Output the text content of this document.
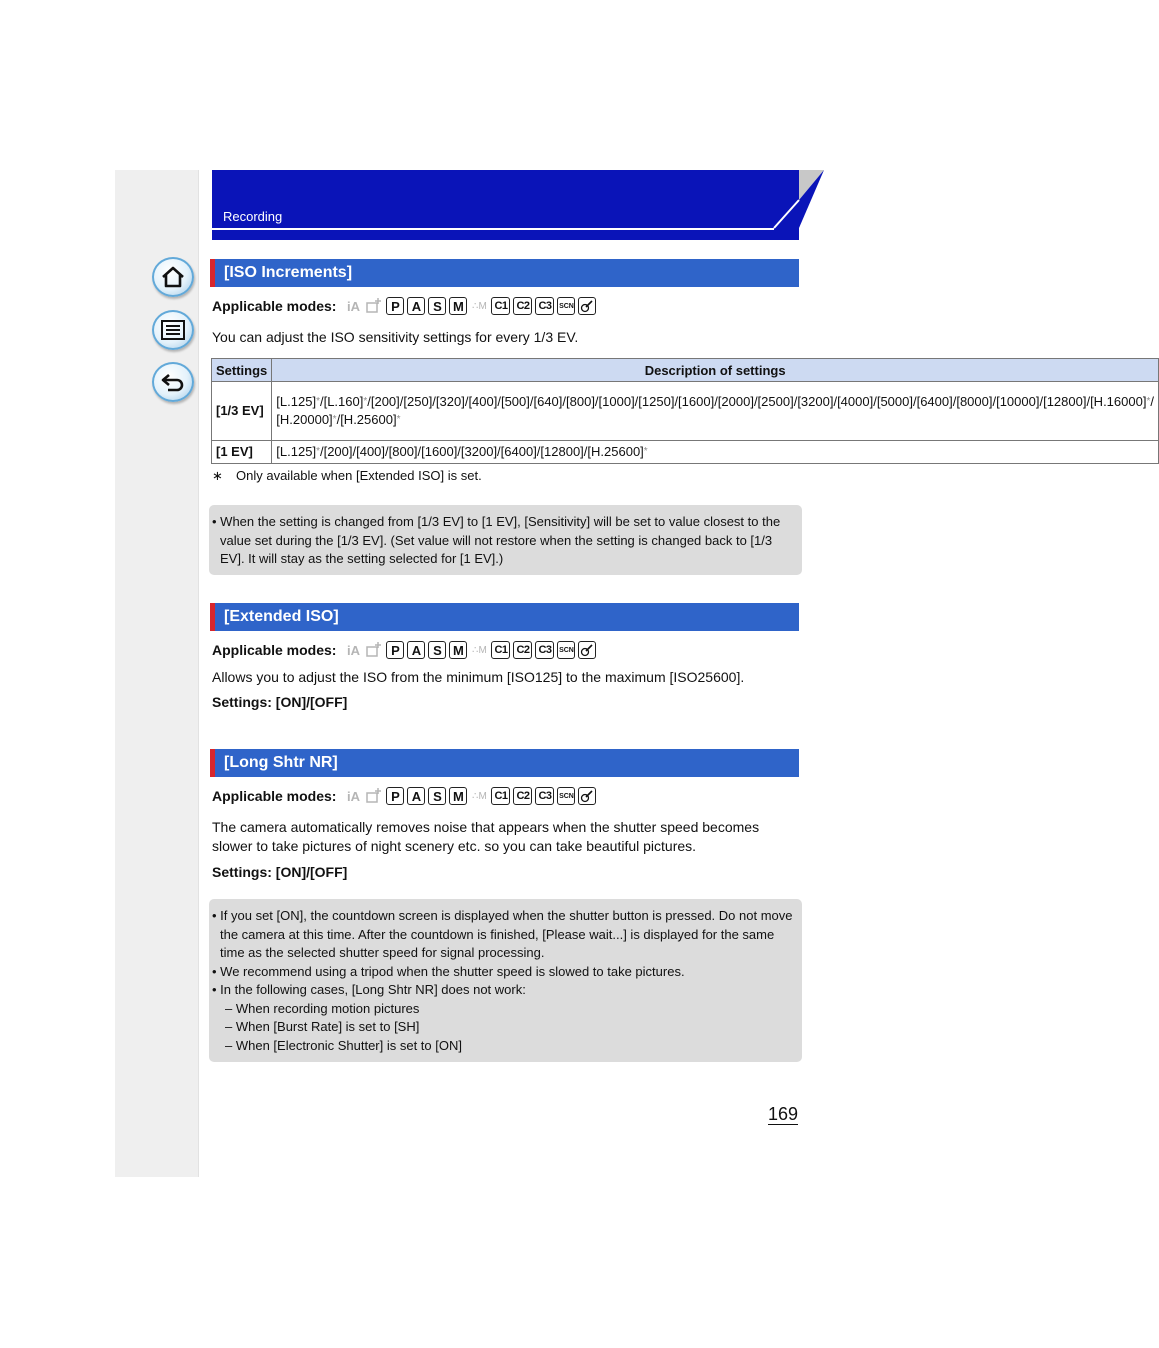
Recording
[ISO Increments]
Applicable modes: iA	P A S M ∴M C1 C2 C3	SCN
You can adjust the ISO sensitivity settings for every 1/3 EV.
Settings	Description of settings
[1/3 EV]	[L.125]*/[L.160]*/[200]/[250]/[320]/[400]/[500]/[640]/[800]/[1000]/[1250]/[1600]/[2000]/[2500]/[3200]/[4000]/[5000]/[6400]/[8000]/[10000]/[12800]/[H.16000]*/ [H.20000]*/[H.25600]*
[1 EV]	[L.125]*/[200]/[400]/[800]/[1600]/[3200]/[6400]/[12800]/[H.25600]*
∗ Only available when [Extended ISO] is set.

• When the setting is changed from [1/3 EV] to [1 EV], [Sensitivity] will be set to value closest to the value set during the [1/3 EV]. (Set value will not restore when the setting is changed back to [1/3 EV]. It will stay as the setting selected for [1 EV].)

[Extended ISO]
Applicable modes: iA	P A S M ∴M C1 C2 C3	SCN
Allows you to adjust the ISO from the minimum [ISO125] to the maximum [ISO25600].
Settings: [ON]/[OFF]
[Long Shtr NR]
Applicable modes: iA	P A S M ∴M C1 C2 C3	SCN
The camera automatically removes noise that appears when the shutter speed becomes slower to take pictures of night scenery etc. so you can take beautiful pictures.
Settings: [ON]/[OFF]

• If you set [ON], the countdown screen is displayed when the shutter button is pressed. Do not move the camera at this time. After the countdown is finished, [Please wait...] is displayed for the same time as the selected shutter speed for signal processing.

• We recommend using a tripod when the shutter speed is slowed to take pictures.

• In the following cases, [Long Shtr NR] does not work:

– When recording motion pictures

– When [Burst Rate] is set to [SH]

– When [Electronic Shutter] is set to [ON]

169
